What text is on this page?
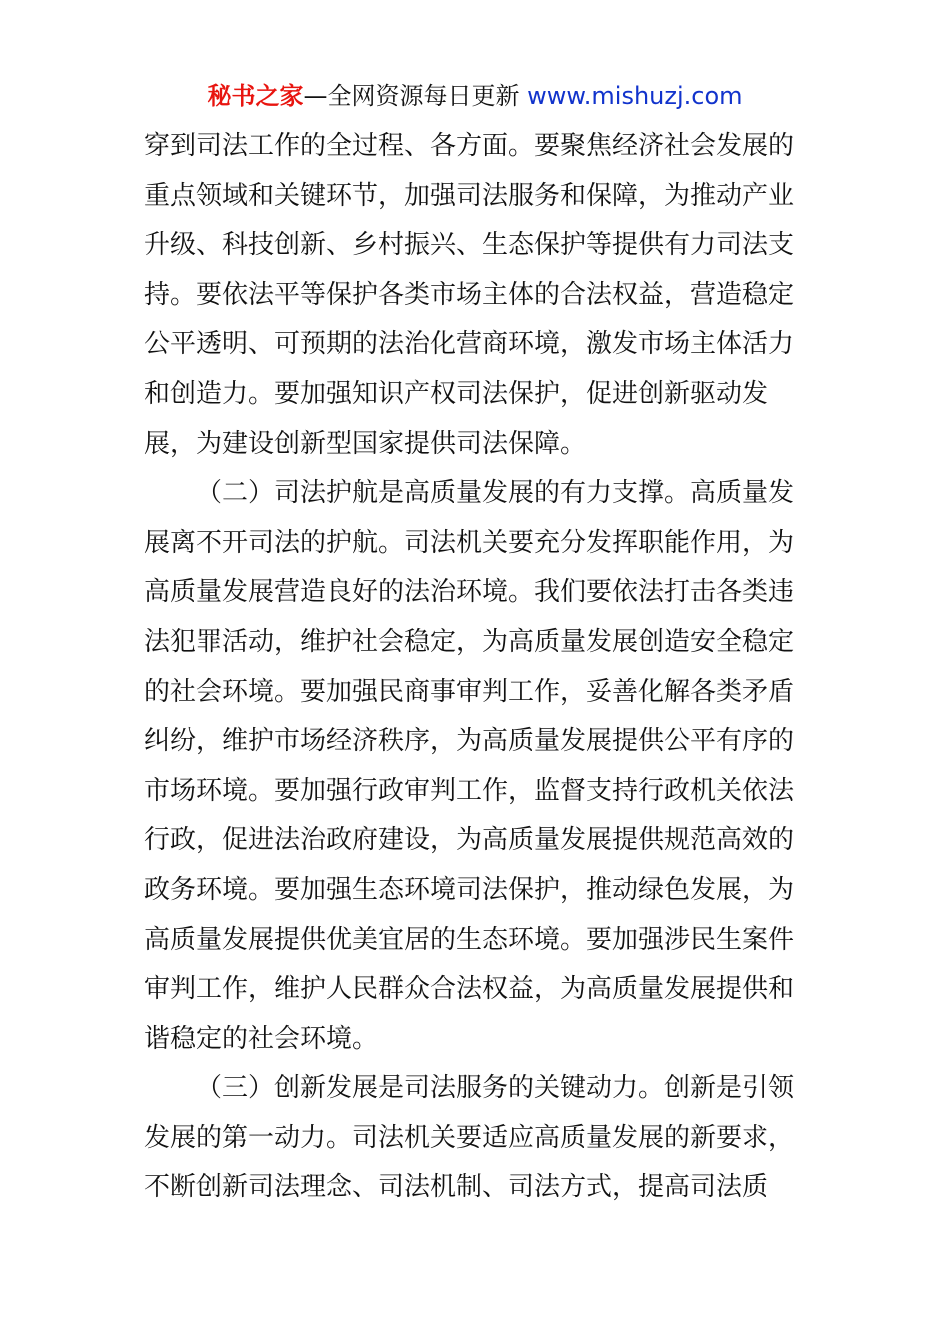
秘书之家—全网资源每日更新 www.mishuzj.com
穿到司法工作的全过程、各方面。要聚焦经济社会发展的
重点领域和关键环节，加强司法服务和保障，为推动产业
升级、科技创新、乡村振兴、生态保护等提供有力司法支
持。要依法平等保护各类市场主体的合法权益，营造稳定
公平透明、可预期的法治化营商环境，激发市场主体活力
和创造力。要加强知识产权司法保护，促进创新驱动发
展，为建设创新型国家提供司法保障。
（二）司法护航是高质量发展的有力支撑。高质量发
展离不开司法的护航。司法机关要充分发挥职能作用，为
高质量发展营造良好的法治环境。我们要依法打击各类违
法犯罪活动，维护社会稳定，为高质量发展创造安全稳定
的社会环境。要加强民商事审判工作，妥善化解各类矛盾
纠纷，维护市场经济秩序，为高质量发展提供公平有序的
市场环境。要加强行政审判工作，监督支持行政机关依法
行政，促进法治政府建设，为高质量发展提供规范高效的
政务环境。要加强生态环境司法保护，推动绿色发展，为
高质量发展提供优美宜居的生态环境。要加强涉民生案件
审判工作，维护人民群众合法权益，为高质量发展提供和
谐稳定的社会环境。
（三）创新发展是司法服务的关键动力。创新是引领
发展的第一动力。司法机关要适应高质量发展的新要求，
不断创新司法理念、司法机制、司法方式，提高司法质
